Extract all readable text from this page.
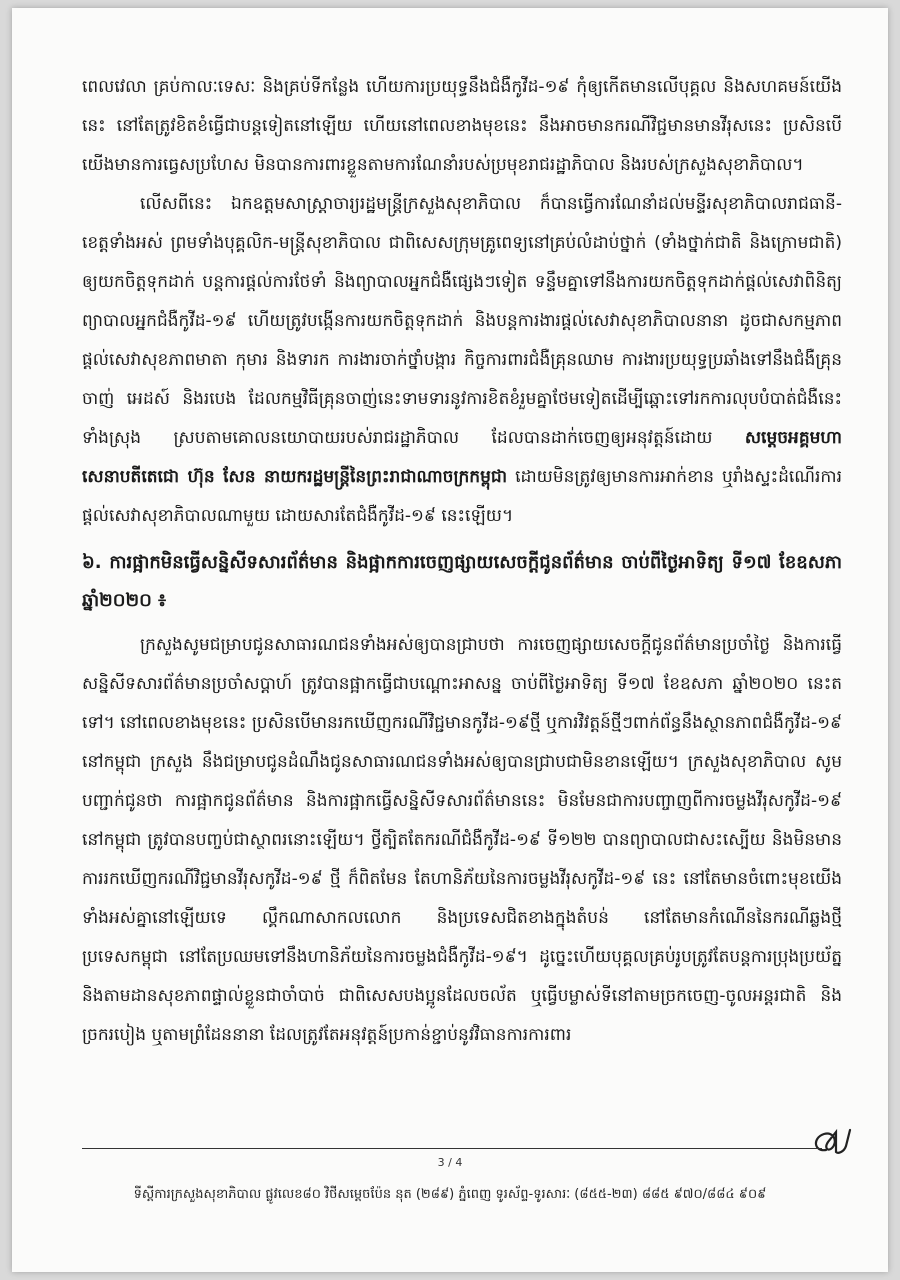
ពេលវេលា គ្រប់កាលៈទេសៈ និងគ្រប់ទីកន្លែង ហើយការប្រយុទ្ធនឹងជំងឺកូវីដ-១៩ កុំឲ្យកើតមានលើបុគ្គល និងសហគមន៍យើងនេះ នៅតែត្រូវខិតខំធ្វើជាបន្តទៀតនៅឡើយ ហើយនៅពេលខាងមុខនេះ នឹងអាចមានករណីវិជ្ជមានមានវីរុសនេះ ប្រសិនបើយើងមានការធ្វេសប្រហែស មិនបានការពារខ្លួនតាមការណែនាំរបស់ប្រមុខរាជរដ្ឋាភិបាល និងរបស់ក្រសួងសុខាភិបាល។

លើសពីនេះ ឯកឧត្តមសាស្ត្រាចារ្យរដ្ឋមន្ត្រីក្រសួងសុខាភិបាល ក៏បានធ្វើការណែនាំដល់មន្ទីរសុខាភិបាលរាជធានី-ខេត្តទាំងអស់ ព្រមទាំងបុគ្គលិក-មន្ត្រីសុខាភិបាល ជាពិសេសក្រុមគ្រូពេទ្យនៅគ្រប់លំដាប់ថ្នាក់ (ទាំងថ្នាក់ជាតិ និងក្រោមជាតិ) ឲ្យយកចិត្តទុកដាក់ បន្តការផ្ដល់ការថែទាំ និងព្យាបាលអ្នកជំងឺផ្សេងៗទៀត ទន្ទឹមគ្នាទៅនឹងការយកចិត្តទុកដាក់ផ្ដល់សេវាពិនិត្យព្យាបាលអ្នកជំងឺកូវីដ-១៩ ហើយត្រូវបង្កើនការយកចិត្តទុកដាក់ និងបន្តការងារផ្ដល់សេវាសុខាភិបាលនានា ដូចជាសកម្មភាពផ្ដល់សេវាសុខភាពមាតា កុមារ និងទារក ការងារចាក់ថ្នាំបង្ការ កិច្ចការពារជំងឺគ្រុនឈាម ការងារប្រយុទ្ធប្រឆាំងទៅនឹងជំងឺគ្រុនចាញ់ អេដស៍ និងរបេង ដែលកម្មវិធីគ្រុនចាញ់នេះទាមទារនូវការខិតខំរួមគ្នាថែមទៀតដើម្បីឆ្ពោះទៅរកការលុបបំបាត់ជំងឺនេះទាំងស្រុង ស្របតាមគោលនយោបាយរបស់រាជរដ្ឋាភិបាល ដែលបានដាក់ចេញឲ្យអនុវត្តន៍ដោយ សម្តេចអគ្គមហាសេនាបតីតេជោ ហ៊ុន សែន នាយករដ្ឋមន្ត្រីនៃព្រះរាជាណាចក្រកម្ពុជា ដោយមិនត្រូវឲ្យមានការអាក់ខាន ឬរាំងស្ទះដំណើរការផ្ដល់សេវាសុខាភិបាលណាមួយ ដោយសារតែជំងឺកូវីដ-១៩ នេះឡើយ។

៦. ការផ្អាកមិនធ្វើសន្និសីទសារព័ត៌មាន និងផ្អាកការចេញផ្សាយសេចក្តីជូនព័ត៌មាន ចាប់ពីថ្ងៃអាទិត្យ ទី១៧ ខែឧសភា ឆ្នាំ២០២០ ៖

ក្រសួងសូមជម្រាបជូនសាធារណជនទាំងអស់ឲ្យបានជ្រាបថា ការចេញផ្សាយសេចក្តីជូនព័ត៌មានប្រចាំថ្ងៃ និងការធ្វើសន្និសីទសារព័ត៌មានប្រចាំសប្តាហ៍ ត្រូវបានផ្អាកធ្វើជាបណ្ដោះអាសន្ន ចាប់ពីថ្ងៃអាទិត្យ ទី១៧ ខែឧសភា ឆ្នាំ២០២០ នេះតទៅ។ នៅពេលខាងមុខនេះ ប្រសិនបើមានរកឃើញករណីវិជ្ជមានកូវីដ-១៩ថ្មី ឬការវិវត្តន៍ថ្មីៗពាក់ព័ន្ធនឹងស្ថានភាពជំងឺកូវីដ-១៩ នៅកម្ពុជា ក្រសួង នឹងជម្រាបជូនដំណឹងជូនសាធារណជនទាំងអស់ឲ្យបានជ្រាបជាមិនខានឡើយ។ ក្រសួងសុខាភិបាល សូមបញ្ជាក់ជូនថា ការផ្អាកជូនព័ត៌មាន និងការផ្អាកធ្វើសន្និសីទសារព័ត៌មាននេះ មិនមែនជាការបញ្ចាញពីការចម្លងវីរុសកូវីដ-១៩ នៅកម្ពុជា ត្រូវបានបញ្ចប់ជាស្ថាពរនោះឡើយ។ ថ្វីត្បិតតែករណីជំងឺកូវីដ-១៩ ទី១២២ បានព្យាបាលជាសះស្បើយ និងមិនមានការរកឃើញករណីវិជ្ជមានវីរុសកូវីដ-១៩ ថ្មី ក៏ពិតមែន តែហានិភ័យនៃការចម្លងវីរុសកូវីដ-១៩ នេះ នៅតែមានចំពោះមុខយើងទាំងអស់គ្នានៅឡើយទេ ល្គឹកណាសាកលលោក និងប្រទេសជិតខាងក្នុងតំបន់ នៅតែមានកំណើននៃករណីឆ្លងថ្មី ប្រទេសកម្ពុជា នៅតែប្រឈមទៅនឹងហានិភ័យនៃការចម្លងជំងឺកូវីដ-១៩។ ដូច្នេះហើយបុគ្គលគ្រប់រូបត្រូវតែបន្តការប្រុងប្រយ័ត្ន និងតាមដានសុខភាពផ្ទាល់ខ្លួនជាចាំបាច់ ជាពិសេសបងប្អូនដែលចល័ត ឬធ្វើបម្លាស់ទីនៅតាមច្រកចេញ-ចូលអន្តរជាតិ និងច្រករបៀង ឬតាមព្រំដែននានា ដែលត្រូវតែអនុវត្តន៍ប្រកាន់ខ្ជាប់នូវវិធានការការពារ

3 / 4
ទីស្តីការក្រសួងសុខាភិបាល ផ្លូវលេខ៨០ វិថីសម្តេចប៉ែន នុត (២៨៩) ភ្នំពេញ ទូរស័ព្ទ-ទូរសារៈ (៨៥៥-២៣) ៨៨៥ ៩៧០/៨៨៤ ៩០៩
